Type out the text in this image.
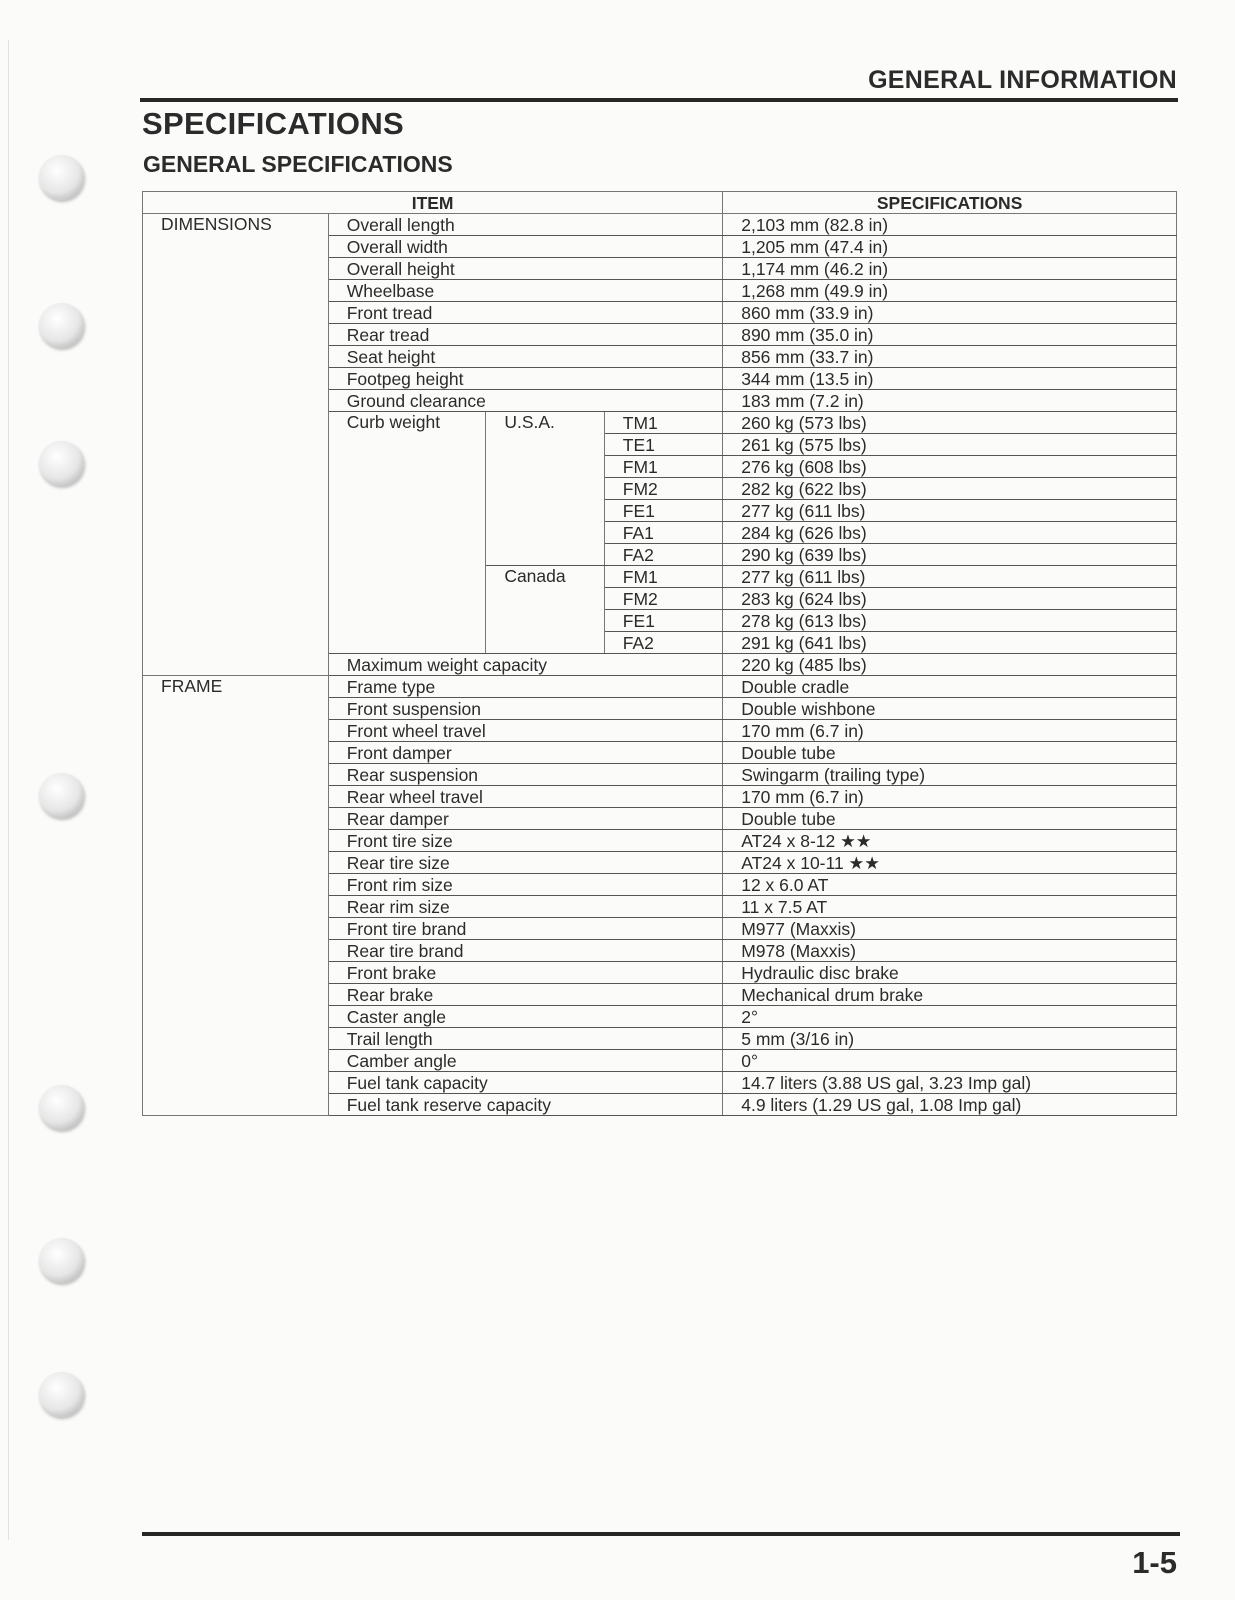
GENERAL INFORMATION
SPECIFICATIONS
GENERAL SPECIFICATIONS
ITEM				SPECIFICATIONS
DIMENSIONS	Overall length			2,103 mm (82.8 in)
	Overall width			1,205 mm (47.4 in)
	Overall height			1,174 mm (46.2 in)
	Wheelbase			1,268 mm (49.9 in)
	Front tread			860 mm (33.9 in)
	Rear tread			890 mm (35.0 in)
	Seat height			856 mm (33.7 in)
	Footpeg height			344 mm (13.5 in)
	Ground clearance			183 mm (7.2 in)
	Curb weight	U.S.A.	TM1	260 kg (573 lbs)
			TE1	261 kg (575 lbs)
			FM1	276 kg (608 lbs)
			FM2	282 kg (622 lbs)
			FE1	277 kg (611 lbs)
			FA1	284 kg (626 lbs)
			FA2	290 kg (639 lbs)
		Canada	FM1	277 kg (611 lbs)
			FM2	283 kg (624 lbs)
			FE1	278 kg (613 lbs)
			FA2	291 kg (641 lbs)
	Maximum weight capacity			220 kg (485 lbs)
FRAME	Frame type			Double cradle
	Front suspension			Double wishbone
	Front wheel travel			170 mm (6.7 in)
	Front damper			Double tube
	Rear suspension			Swingarm (trailing type)
	Rear wheel travel			170 mm (6.7 in)
	Rear damper			Double tube
	Front tire size			AT24 x 8-12 ★★
	Rear tire size			AT24 x 10-11 ★★
	Front rim size			12 x 6.0 AT
	Rear rim size			11 x 7.5 AT
	Front tire brand			M977 (Maxxis)
	Rear tire brand			M978 (Maxxis)
	Front brake			Hydraulic disc brake
	Rear brake			Mechanical drum brake
	Caster angle			2°
	Trail length			5 mm (3/16 in)
	Camber angle			0°
	Fuel tank capacity			14.7 liters (3.88 US gal, 3.23 Imp gal)
	Fuel tank reserve capacity			4.9 liters (1.29 US gal, 1.08 Imp gal)
1-5
